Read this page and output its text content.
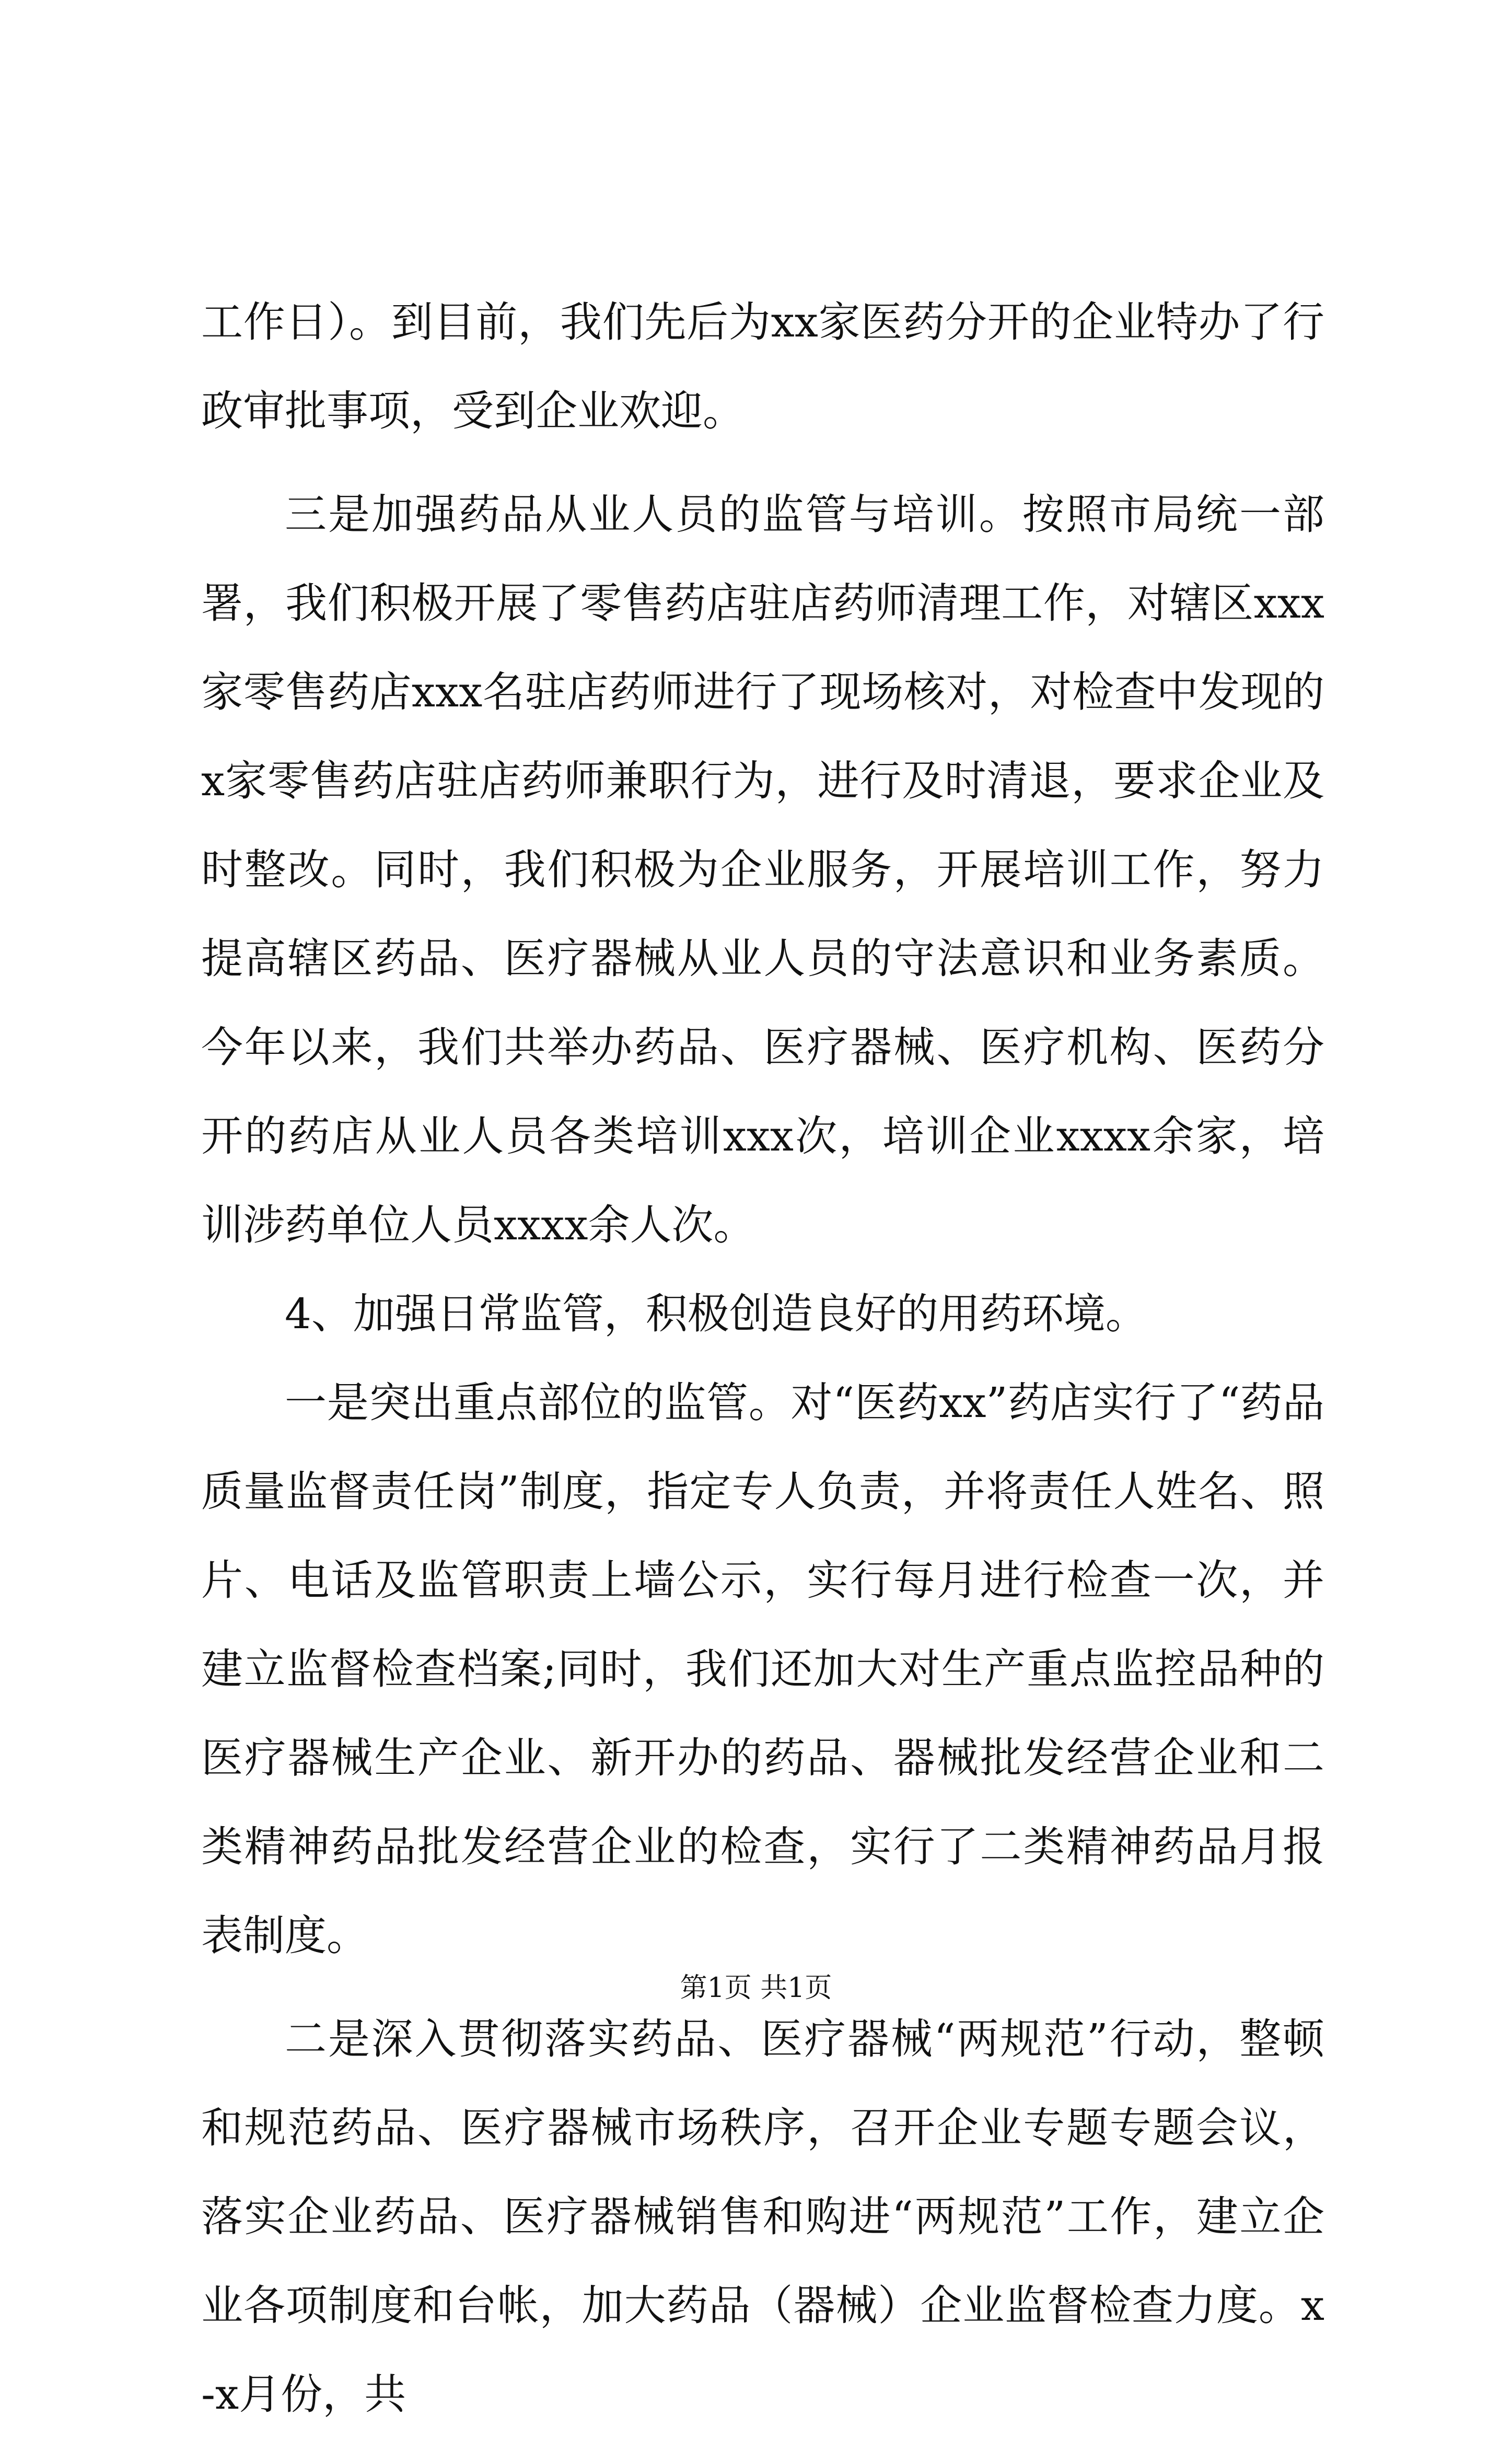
工作日）。到目前，我们先后为xx家医药分开的企业特办了行政审批事项，受到企业欢迎。

三是加强药品从业人员的监管与培训。按照市局统一部署，我们积极开展了零售药店驻店药师清理工作，对辖区xxx家零售药店xxx名驻店药师进行了现场核对，对检查中发现的x家零售药店驻店药师兼职行为，进行及时清退，要求企业及时整改。同时，我们积极为企业服务，开展培训工作，努力提高辖区药品、医疗器械从业人员的守法意识和业务素质。今年以来，我们共举办药品、医疗器械、医疗机构、医药分开的药店从业人员各类培训xxx次，培训企业xxxx余家，培训涉药单位人员xxxx余人次。

4、加强日常监管，积极创造良好的用药环境。

一是突出重点部位的监管。对“医药xx”药店实行了“药品质量监督责任岗”制度，指定专人负责，并将责任人姓名、照片、电话及监管职责上墙公示，实行每月进行检查一次，并建立监督检查档案;同时，我们还加大对生产重点监控品种的医疗器械生产企业、新开办的药品、器械批发经营企业和二类精神药品批发经营企业的检查，实行了二类精神药品月报表制度。

二是深入贯彻落实药品、医疗器械“两规范”行动，整顿和规范药品、医疗器械市场秩序，召开企业专题专题会议，落实企业药品、医疗器械销售和购进“两规范”工作，建立企业各项制度和台帐，加大药品（器械）企业监督检查力度。x-x月份，共

第1页 共1页
